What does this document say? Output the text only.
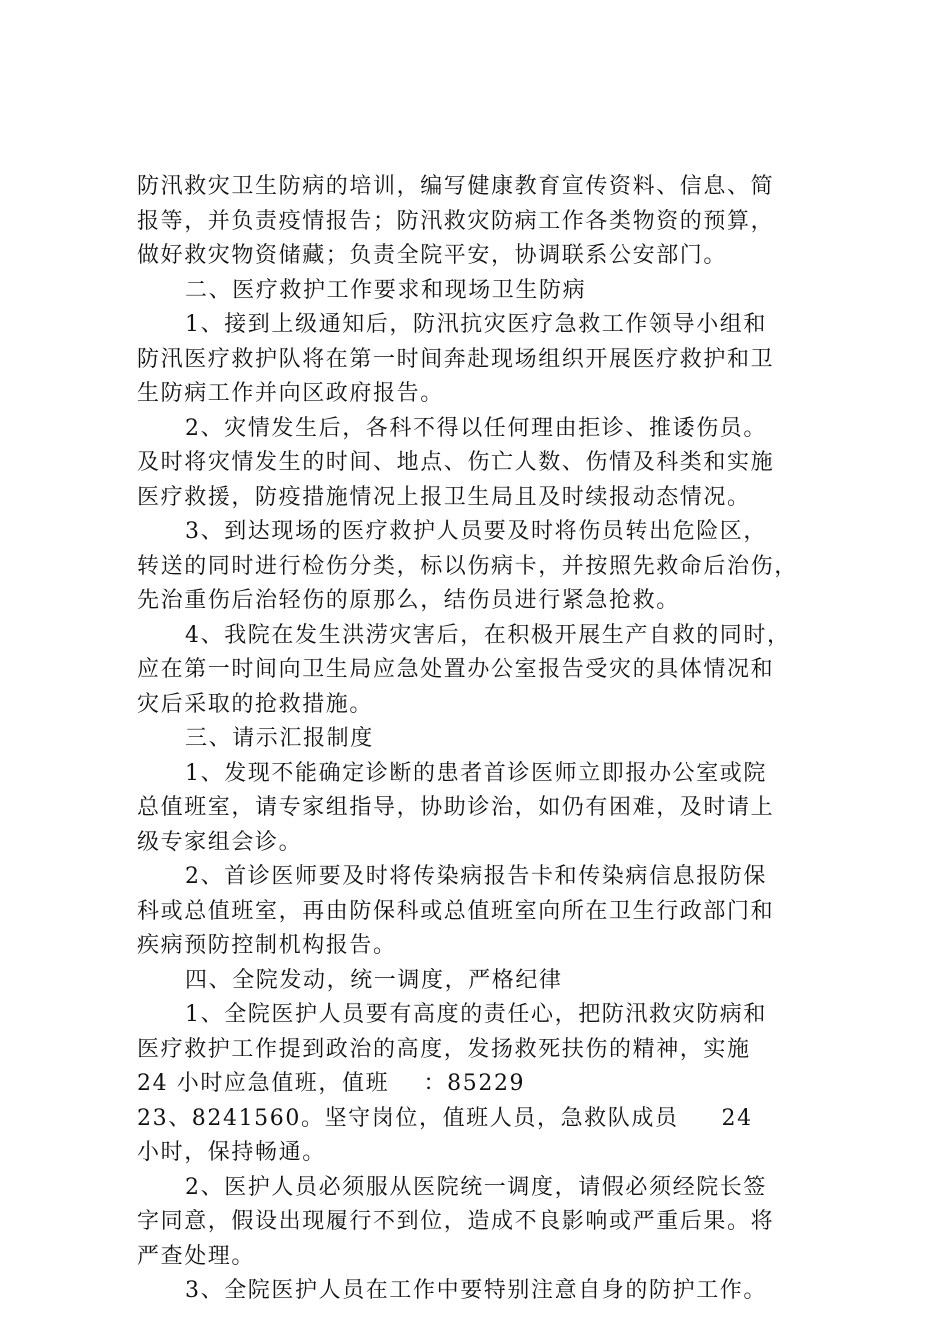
防汛救灾卫生防病的培训，编写健康教育宣传资料、信息、简
报等，并负责疫情报告；防汛救灾防病工作各类物资的预算，
做好救灾物资储藏；负责全院平安，协调联系公安部门。
二、医疗救护工作要求和现场卫生防病
1、接到上级通知后，防汛抗灾医疗急救工作领导小组和
防汛医疗救护队将在第一时间奔赴现场组织开展医疗救护和卫
生防病工作并向区政府报告。
2、灾情发生后，各科不得以任何理由拒诊、推诿伤员。
及时将灾情发生的时间、地点、伤亡人数、伤情及科类和实施
医疗救援，防疫措施情况上报卫生局且及时续报动态情况。
3、到达现场的医疗救护人员要及时将伤员转出危险区，
转送的同时进行检伤分类，标以伤病卡，并按照先救命后治伤，
先治重伤后治轻伤的原那么，结伤员进行紧急抢救。
4、我院在发生洪涝灾害后，在积极开展生产自救的同时，
应在第一时间向卫生局应急处置办公室报告受灾的具体情况和
灾后采取的抢救措施。
三、请示汇报制度
1、发现不能确定诊断的患者首诊医师立即报办公室或院
总值班室，请专家组指导，协助诊治，如仍有困难，及时请上
级专家组会诊。
2、首诊医师要及时将传染病报告卡和传染病信息报防保
科或总值班室，再由防保科或总值班室向所在卫生行政部门和
疾病预防控制机构报告。
四、全院发动，统一调度，严格纪律
1、全院医护人员要有高度的责任心，把防汛救灾防病和
医疗救护工作提到政治的高度，发扬救死扶伤的精神，实施
24 小时应急值班，值班    ：85229
23、8241560。坚守岗位，值班人员，急救队成员     24
小时，保持畅通。
2、医护人员必须服从医院统一调度，请假必须经院长签
字同意，假设出现履行不到位，造成不良影响或严重后果。将
严查处理。
3、全院医护人员在工作中要特别注意自身的防护工作。
